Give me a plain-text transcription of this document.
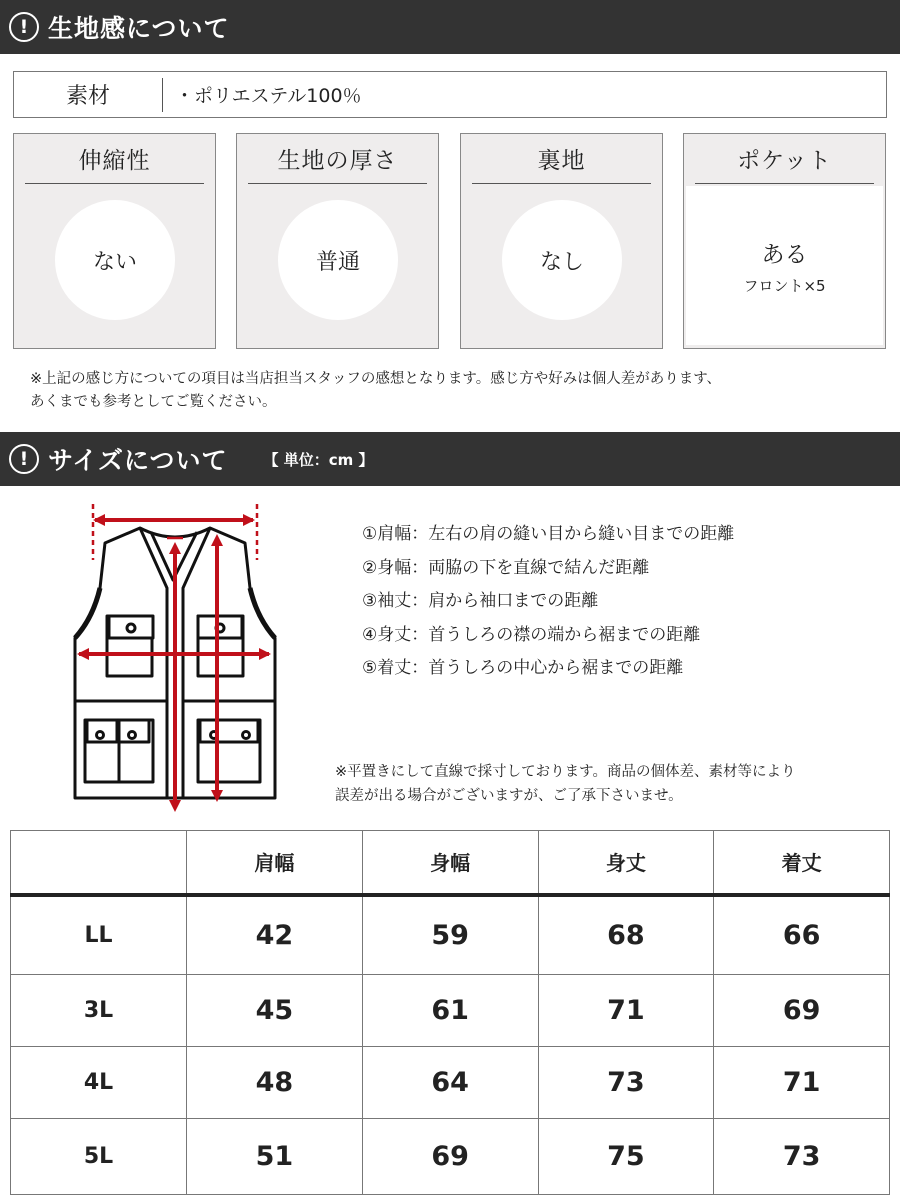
! 生地感について
素材	・ポリエステル100％
伸縮性
ない
生地の厚さ
普通
裏地
なし
ポケット
ある
フロント×5
※上記の感じ方についての項目は当店担当スタッフの感想となります。感じ方や好みは個人差があります、
あくまでも参考としてご覧ください。
! サイズについて 【 単位：cm 】
①肩幅：左右の肩の縫い目から縫い目までの距離
②身幅：両脇の下を直線で結んだ距離
③袖丈：肩から袖口までの距離
④身丈：首うしろの襟の端から裾までの距離
⑤着丈：首うしろの中心から裾までの距離
※平置きにして直線で採寸しております。商品の個体差、素材等により
誤差が出る場合がございますが、ご了承下さいませ。
	肩幅	身幅	身丈	着丈
LL	42	59	68	66
3L	45	61	71	69
4L	48	64	73	71
5L	51	69	75	73
